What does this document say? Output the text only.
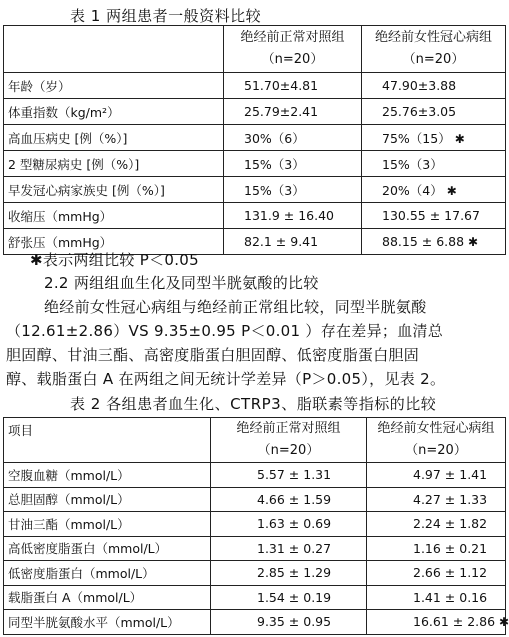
表 1 两组患者一般资料比较
	绝经前正常对照组（n=20）	绝经前女性冠心病组（n=20）
年龄（岁）	51.70±4.81	47.90±3.88
体重指数（kg/m²）	25.79±2.41	25.76±3.05
高血压病史 [例（%）]	30%（6）	75%（15） ✱
2 型糖尿病史 [例（%）]	15%（3）	15%（3）
早发冠心病家族史 [例（%）]	15%（3）	20%（4） ✱
收缩压（mmHg）	131.9 ± 16.40	130.55 ± 17.67
舒张压（mmHg）	82.1 ± 9.41	88.15 ± 6.88 ✱
✱表示两组比较 P＜0.05
2.2 两组组血生化及同型半胱氨酸的比较
绝经前女性冠心病组与绝经前正常组比较，同型半胱氨酸
（12.61±2.86）VS 9.35±0.95 P＜0.01 ）存在差异；血清总
胆固醇、甘油三酯、高密度脂蛋白胆固醇、低密度脂蛋白胆固
醇、载脂蛋白 A 在两组之间无统计学差异（P＞0.05），见表 2。
表 2 各组患者血生化、CTRP3、脂联素等指标的比较
项目	绝经前正常对照组（n=20）	绝经前女性冠心病组（n=20）
空腹血糖（mmol/L）	5.57 ± 1.31	4.97 ± 1.41
总胆固醇（mmol/L）	4.66 ± 1.59	4.27 ± 1.33
甘油三酯（mmol/L）	1.63 ± 0.69	2.24 ± 1.82
高低密度脂蛋白（mmol/L）	1.31 ± 0.27	1.16 ± 0.21
低密度脂蛋白（mmol/L）	2.85 ± 1.29	2.66 ± 1.12
载脂蛋白 A（mmol/L）	1.54 ± 0.19	1.41 ± 0.16
同型半胱氨酸水平（mmol/L）	9.35 ± 0.95	16.61 ± 2.86 ✱
